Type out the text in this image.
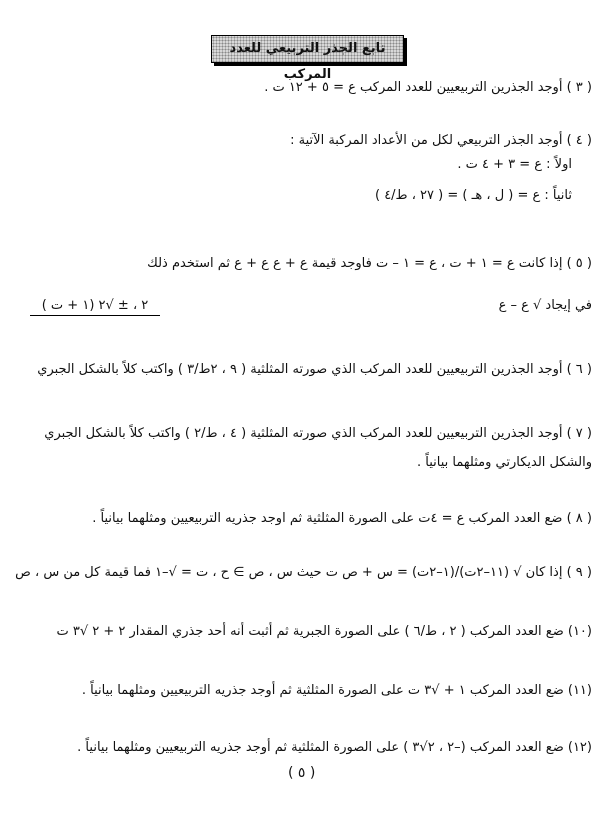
تابع الجذر التربيعي للعدد المركب
( ٣ ) أوجد الجذرين التربيعيين للعدد المركب ع = ٥ + ١٢ ت .
( ٤ ) أوجد الجذر التربيعي لكل من الأعداد المركبة الآتية :
اولاً : ع = ٣ + ٤ ت .
ثانياً : ع = ( ل ، هـ ) = ( ٢٧ ، ط/٤ )
( ٥ ) إذا كانت ع = ١ + ت ، ع = ١ – ت فاوجد قيمة ع + ع ع + ع ثم استخدم ذلك
في إيجاد √ ع – ع
٢ ، ± √٢ (١ + ت )
( ٦ ) أوجد الجذرين التربيعيين للعدد المركب الذي صورته المثلثية ( ٩ ، ٢ط/٣ ) واكتب كلاً بالشكل الجبري
( ٧ ) أوجد الجذرين التربيعيين للعدد المركب الذي صورته المثلثية ( ٤ ، ط/٢ ) واكتب كلاً بالشكل الجبري
والشكل الديكارتي ومثلهما بيانياً .
( ٨ ) ضع العدد المركب ع = ٤ت على الصورة المثلثية ثم اوجد جذريه التربيعيين ومثلهما بيانياً .
( ٩ ) إذا كان √ (١١–٢ت)/(١–٢ت) = س + ص ت حيث س ، ص ∋ ح ، ت = √–١ فما قيمة كل من س ، ص
(١٠) ضع العدد المركب ( ٢ ، ط/٦ ) على الصورة الجبرية ثم أثبت أنه أحد جذري المقدار ٢ + ٢ √٣ ت
(١١) ضع العدد المركب ١ + √٣ ت على الصورة المثلثية ثم أوجد جذريه التربيعيين ومثلهما بيانياً .
(١٢) ضع العدد المركب (–٢ ، ٢√٣ ) على الصورة المثلثية ثم أوجد جذريه التربيعيين ومثلهما بيانياً .
( ٥ )
